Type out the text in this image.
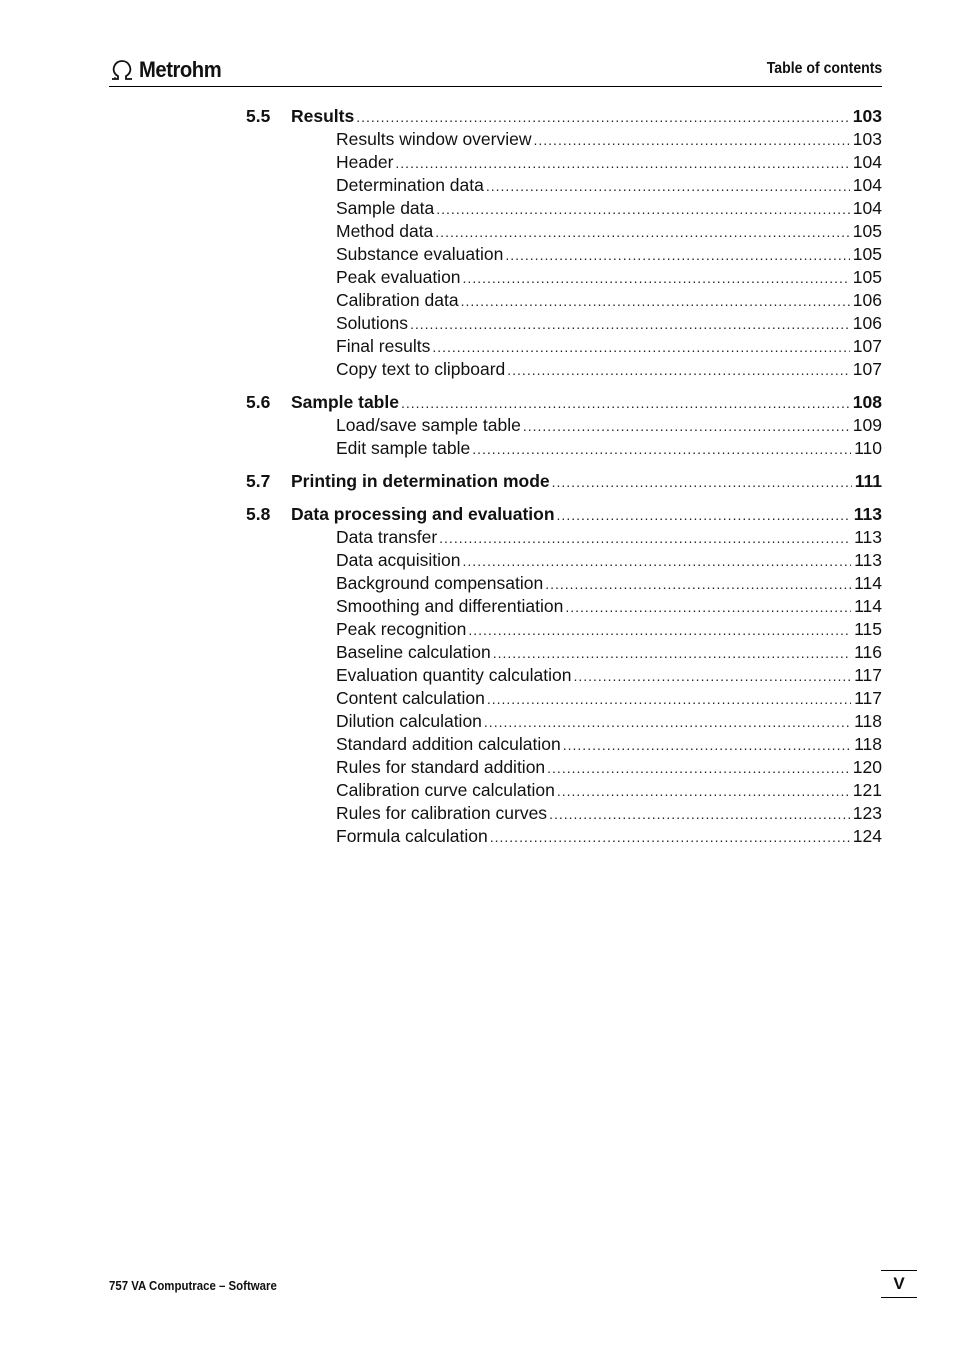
Metrohm	Table of contents
5.5	Results .....	103
Results window overview .....	103
Header .....	104
Determination data .....	104
Sample data .....	104
Method data .....	105
Substance evaluation .....	105
Peak evaluation .....	105
Calibration data .....	106
Solutions .....	106
Final results .....	107
Copy text to clipboard .....	107
5.6	Sample table .....	108
Load/save sample table .....	109
Edit sample table .....	110
5.7	Printing in determination mode .....	111
5.8	Data processing and evaluation .....	113
Data transfer .....	113
Data acquisition .....	113
Background compensation .....	114
Smoothing and differentiation .....	114
Peak recognition .....	115
Baseline calculation .....	116
Evaluation quantity calculation .....	117
Content calculation .....	117
Dilution calculation .....	118
Standard addition calculation .....	118
Rules for standard addition .....	120
Calibration curve calculation .....	121
Rules for calibration curves .....	123
Formula calculation .....	124
757 VA Computrace – Software	V
